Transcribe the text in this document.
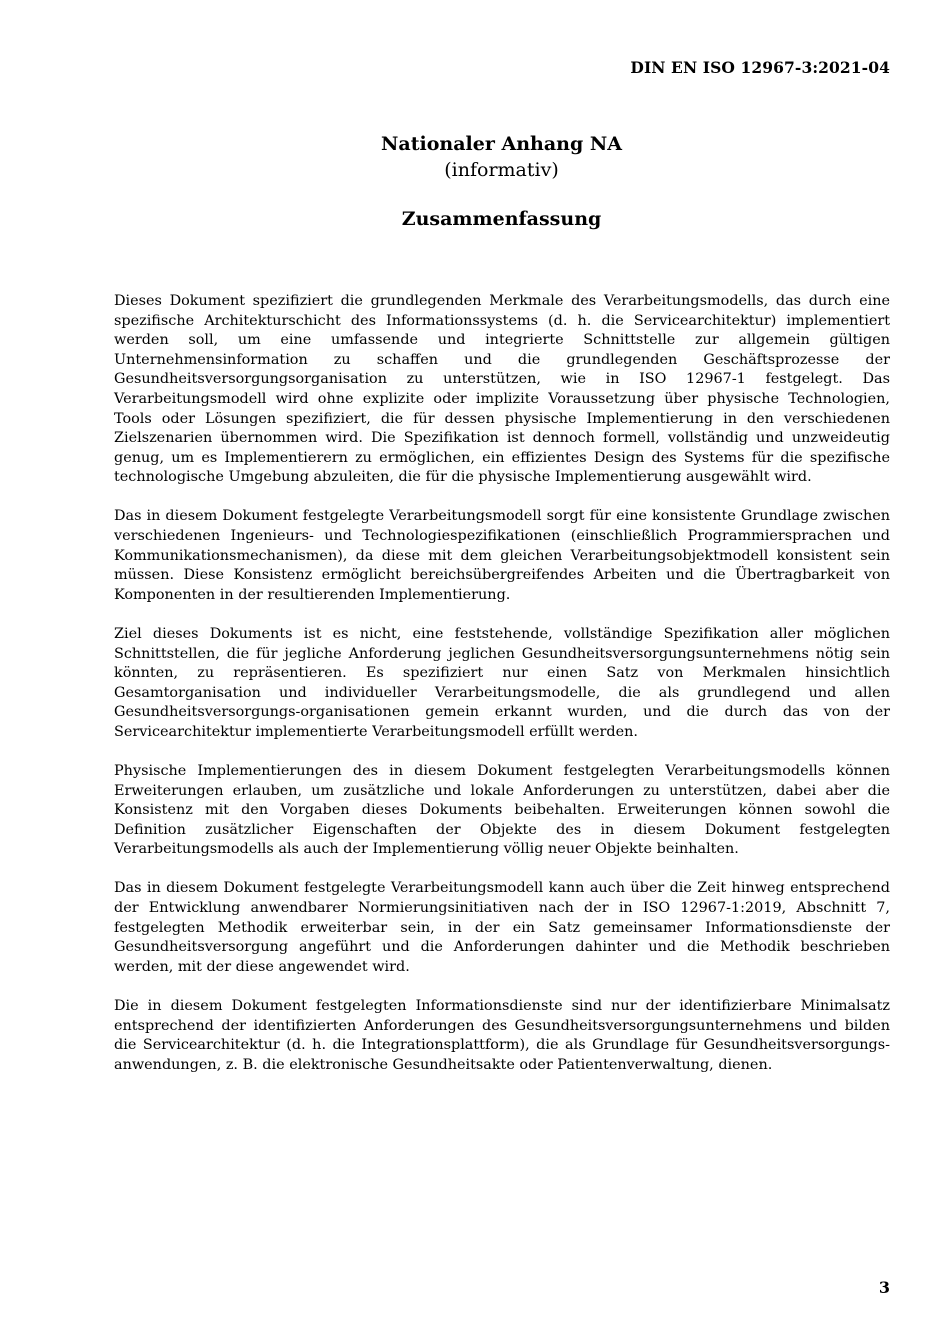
DIN EN ISO 12967-3:2021-04
Nationaler Anhang NA
(informativ)
Zusammenfassung

Dieses Dokument spezifiziert die grundlegenden Merkmale des Verarbeitungsmodells, das durch eine spezifische Architekturschicht des Informationssystems (d. h. die Servicearchitektur) implementiert werden soll, um eine umfassende und integrierte Schnittstelle zur allgemein gültigen Unternehmensinformation zu schaffen und die grundlegenden Geschäftsprozesse der Gesundheitsversorgungsorganisation zu unterstützen, wie in ISO 12967-1 festgelegt. Das Verarbeitungsmodell wird ohne explizite oder implizite Voraussetzung über physische Technologien, Tools oder Lösungen spezifiziert, die für dessen physische Implementierung in den verschiedenen Zielszenarien übernommen wird. Die Spezifikation ist dennoch formell, vollständig und unzweideutig genug, um es Implementierern zu ermöglichen, ein effizientes Design des Systems für die spezifische technologische Umgebung abzuleiten, die für die physische Implementierung ausgewählt wird.

Das in diesem Dokument festgelegte Verarbeitungsmodell sorgt für eine konsistente Grundlage zwischen verschiedenen Ingenieurs- und Technologiespezifikationen (einschließlich Programmiersprachen und Kommunikationsmechanismen), da diese mit dem gleichen Verarbeitungsobjektmodell konsistent sein müssen. Diese Konsistenz ermöglicht bereichsübergreifendes Arbeiten und die Übertragbarkeit von Komponenten in der resultierenden Implementierung.

Ziel dieses Dokuments ist es nicht, eine feststehende, vollständige Spezifikation aller möglichen Schnittstellen, die für jegliche Anforderung jeglichen Gesundheitsversorgungsunternehmens nötig sein könnten, zu repräsentieren. Es spezifiziert nur einen Satz von Merkmalen hinsichtlich Gesamtorganisation und individueller Verarbeitungsmodelle, die als grundlegend und allen Gesundheitsversorgungs-organisationen gemein erkannt wurden, und die durch das von der Servicearchitektur implementierte Verarbeitungsmodell erfüllt werden.

Physische Implementierungen des in diesem Dokument festgelegten Verarbeitungsmodells können Erweiterungen erlauben, um zusätzliche und lokale Anforderungen zu unterstützen, dabei aber die Konsistenz mit den Vorgaben dieses Dokuments beibehalten. Erweiterungen können sowohl die Definition zusätzlicher Eigenschaften der Objekte des in diesem Dokument festgelegten Verarbeitungsmodells als auch der Implementierung völlig neuer Objekte beinhalten.

Das in diesem Dokument festgelegte Verarbeitungsmodell kann auch über die Zeit hinweg entsprechend der Entwicklung anwendbarer Normierungsinitiativen nach der in ISO 12967-1:2019, Abschnitt 7, festgelegten Methodik erweiterbar sein, in der ein Satz gemeinsamer Informationsdienste der Gesundheitsversorgung angeführt und die Anforderungen dahinter und die Methodik beschrieben werden, mit der diese angewendet wird.

Die in diesem Dokument festgelegten Informationsdienste sind nur der identifizierbare Minimalsatz entsprechend der identifizierten Anforderungen des Gesundheitsversorgungsunternehmens und bilden die Servicearchitektur (d. h. die Integrationsplattform), die als Grundlage für Gesundheitsversorgungs-anwendungen, z. B. die elektronische Gesundheitsakte oder Patientenverwaltung, dienen.

3
